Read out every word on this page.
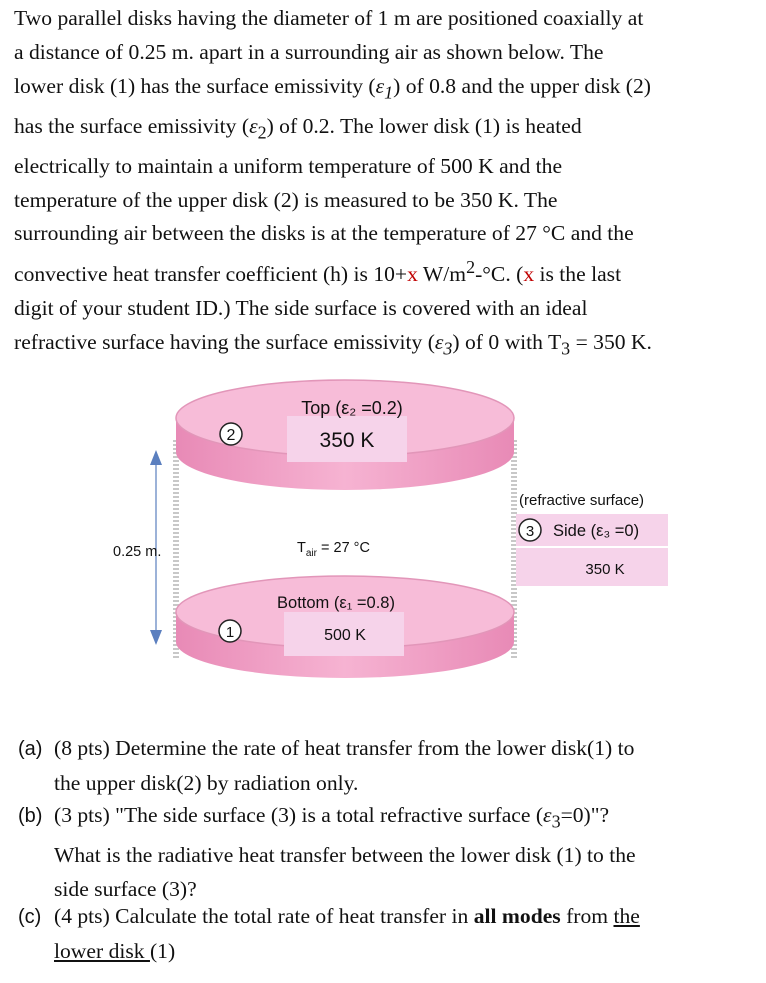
Two parallel disks having the diameter of 1 m are positioned coaxially at
a distance of 0.25 m. apart in a surrounding air as shown below. The
lower disk (1) has the surface emissivity $(\varepsilon_1)$ of 0.8 and the upper disk (2)
has the surface emissivity $(\varepsilon_2)$ of 0.2. The lower disk (1) is heated
electrically to maintain a uniform temperature of 500 K and the
temperature of the upper disk (2) is measured to be 350 K. The
surrounding air between the disks is at the temperature of 27 °C and the
convective heat transfer coefficient (h) is 10+x $W/m^2-^\circ C$. (x is the last
digit of your student ID.) The side surface is covered with an ideal
refractive surface having the surface emissivity $(\varepsilon_3)$ of 0 with $T_3 = 350$ K.
Top (ε₂ =0.2)
350 K
2
Bottom (ε₁ =0.8)
500 K
1
0.25 m.	$T_{air} = 27$ °C
(refractive surface)
3 Side (ε₃ =0)
350 K
(a) (8 pts) Determine the rate of heat transfer from the lower disk(1) to
the upper disk(2) by radiation only.
(b) (3 pts) "The side surface (3) is a total refractive surface $(\varepsilon_3=0)$"?
What is the radiative heat transfer between the lower disk (1) to the
side surface (3)?
(c) (4 pts) Calculate the total rate of heat transfer in all modes from the
lower disk (1)
